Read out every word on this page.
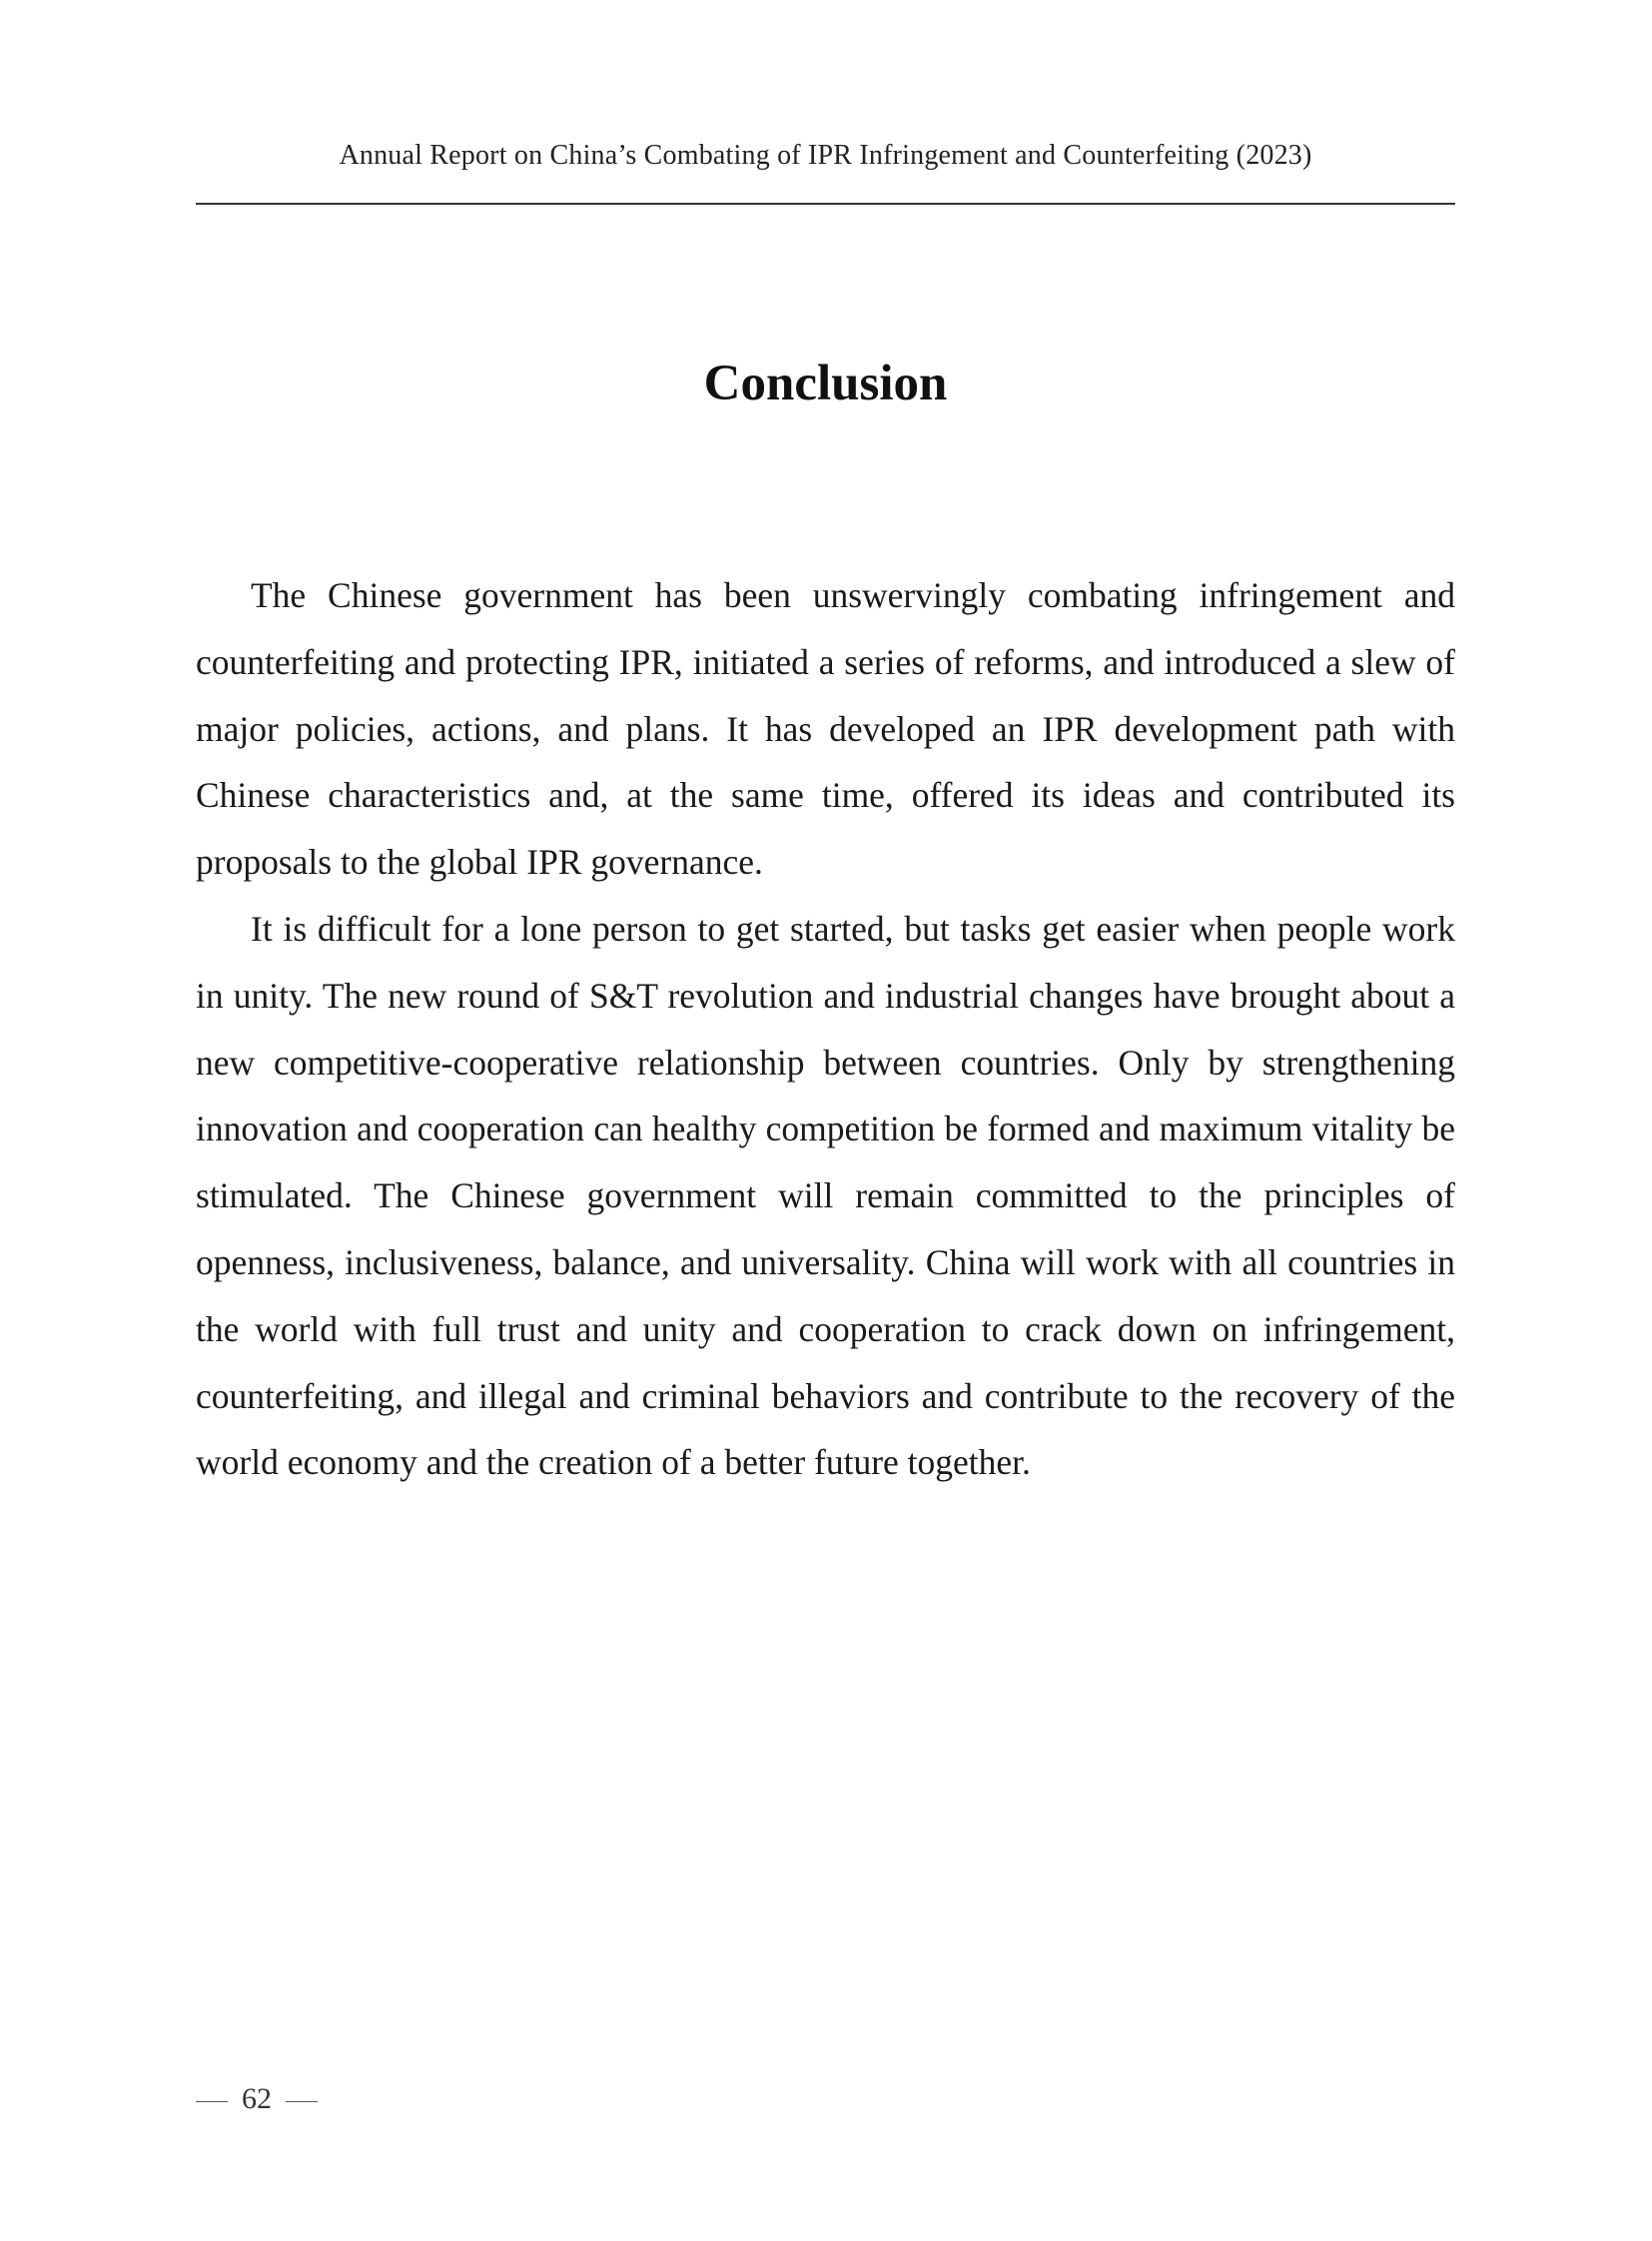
Annual Report on China’s Combating of IPR Infringement and Counterfeiting (2023)
Conclusion

The Chinese government has been unswervingly combating infringement and counterfeiting and protecting IPR, initiated a series of reforms, and introduced a slew of major policies, actions, and plans. It has developed an IPR development path with Chinese characteristics and, at the same time, offered its ideas and contributed its proposals to the global IPR governance.

It is difficult for a lone person to get started, but tasks get easier when people work in unity. The new round of S&T revolution and industrial changes have brought about a new competitive-cooperative relationship between countries. Only by strengthening innovation and cooperation can healthy competition be formed and maximum vitality be stimulated. The Chinese government will remain committed to the principles of openness, inclusiveness, balance, and universality. China will work with all countries in the world with full trust and unity and cooperation to crack down on infringement, counterfeiting, and illegal and criminal behaviors and contribute to the recovery of the world economy and the creation of a better future together.

62
